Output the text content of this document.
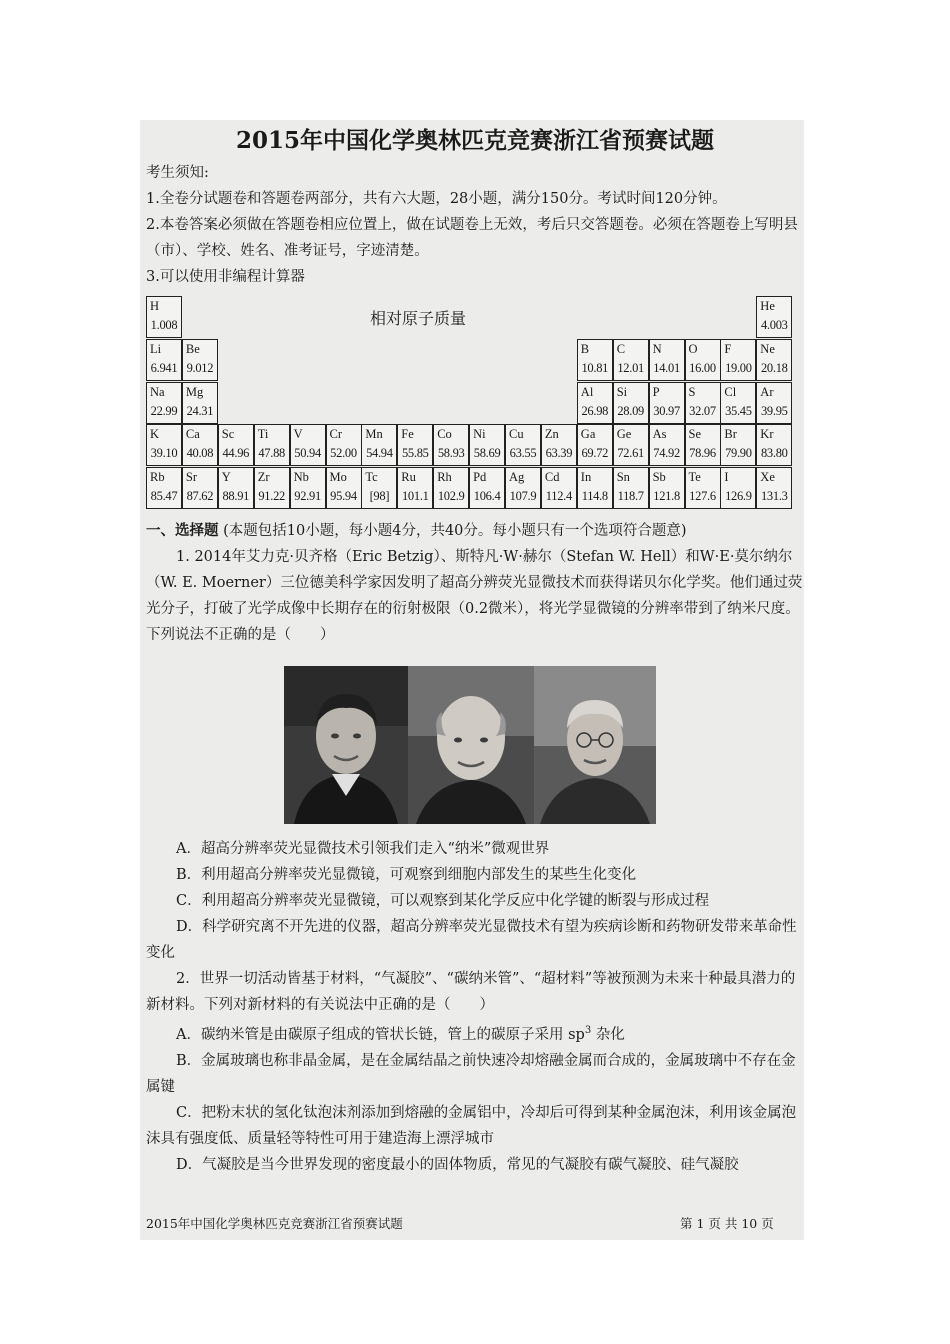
2015年中国化学奥林匹克竞赛浙江省预赛试题

考生须知:

1.全卷分试题卷和答题卷两部分，共有六大题，28小题，满分150分。考试时间120分钟。

2.本卷答案必须做在答题卷相应位置上，做在试题卷上无效，考后只交答题卷。必须在答题卷上写明县（市）、学校、姓名、准考证号，字迹清楚。

3.可以使用非编程计算器

相对原子质量
H
1.008
He
4.003
Li
6.941
Be
9.012
B
10.81
C
12.01
N
14.01
O
16.00
F
19.00
Ne
20.18
Na
22.99
Mg
24.31
Al
26.98
Si
28.09
P
30.97
S
32.07
Cl
35.45
Ar
39.95
K
39.10
Ca
40.08
Sc
44.96
Ti
47.88
V
50.94
Cr
52.00
Mn
54.94
Fe
55.85
Co
58.93
Ni
58.69
Cu
63.55
Zn
63.39
Ga
69.72
Ge
72.61
As
74.92
Se
78.96
Br
79.90
Kr
83.80
Rb
85.47
Sr
87.62
Y
88.91
Zr
91.22
Nb
92.91
Mo
95.94
Tc
[98]
Ru
101.1
Rh
102.9
Pd
106.4
Ag
107.9
Cd
112.4
In
114.8
Sn
118.7
Sb
121.8
Te
127.6
I
126.9
Xe
131.3

一、选择题 (本题包括10小题，每小题4分，共40分。每小题只有一个选项符合题意)

1. 2014年艾力克·贝齐格（Eric Betzig）、斯特凡·W·赫尔（Stefan W. Hell）和W·E·莫尔纳尔（W. E. Moerner）三位德美科学家因发明了超高分辨荧光显微技术而获得诺贝尔化学奖。他们通过荧光分子，打破了光学成像中长期存在的衍射极限（0.2微米），将光学显微镜的分辨率带到了纳米尺度。下列说法不正确的是（　　）

A．超高分辨率荧光显微技术引领我们走入“纳米”微观世界

B．利用超高分辨率荧光显微镜，可观察到细胞内部发生的某些生化变化

C．利用超高分辨率荧光显微镜，可以观察到某化学反应中化学键的断裂与形成过程

D．科学研究离不开先进的仪器，超高分辨率荧光显微技术有望为疾病诊断和药物研发带来革命性变化

2．世界一切活动皆基于材料，“气凝胶”、“碳纳米管”、“超材料”等被预测为未来十种最具潜力的新材料。下列对新材料的有关说法中正确的是（　　）

A．碳纳米管是由碳原子组成的管状长链，管上的碳原子采用 $sp^3$ 杂化

B．金属玻璃也称非晶金属，是在金属结晶之前快速冷却熔融金属而合成的，金属玻璃中不存在金属键

C．把粉末状的氢化钛泡沫剂添加到熔融的金属铝中，冷却后可得到某种金属泡沫，利用该金属泡沫具有强度低、质量轻等特性可用于建造海上漂浮城市

D．气凝胶是当今世界发现的密度最小的固体物质，常见的气凝胶有碳气凝胶、硅气凝胶

2015年中国化学奥林匹克竞赛浙江省预赛试题	第 1 页 共 10 页
